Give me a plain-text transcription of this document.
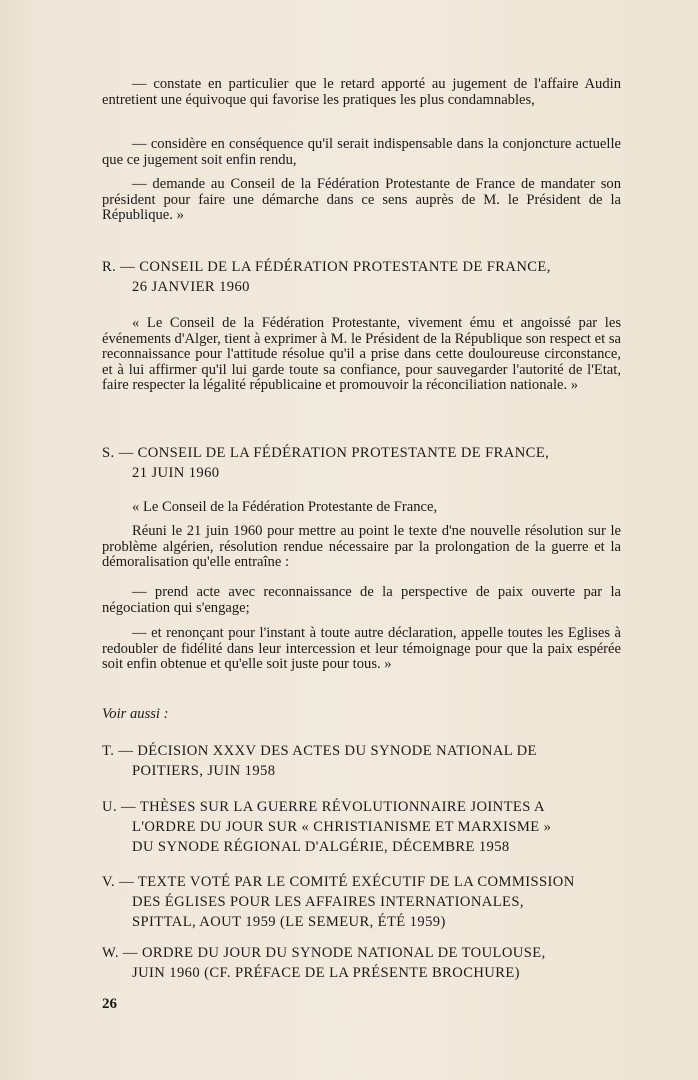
— constate en particulier que le retard apporté au jugement de l'affaire Audin entretient une équivoque qui favorise les pratiques les plus condamnables,

— considère en conséquence qu'il serait indispensable dans la conjoncture actuelle que ce jugement soit enfin rendu,

— demande au Conseil de la Fédération Protestante de France de mandater son président pour faire une démarche dans ce sens auprès de M. le Président de la République. »

R. — CONSEIL DE LA FÉDÉRATION PROTESTANTE DE FRANCE,
26 JANVIER 1960

« Le Conseil de la Fédération Protestante, vivement ému et angoissé par les événements d'Alger, tient à exprimer à M. le Président de la République son respect et sa reconnaissance pour l'attitude résolue qu'il a prise dans cette douloureuse circonstance, et à lui affirmer qu'il lui garde toute sa confiance, pour sauvegarder l'autorité de l'Etat, faire respecter la légalité républicaine et promouvoir la réconciliation nationale. »

S. — CONSEIL DE LA FÉDÉRATION PROTESTANTE DE FRANCE,
21 JUIN 1960

« Le Conseil de la Fédération Protestante de France,

Réuni le 21 juin 1960 pour mettre au point le texte d'ne nouvelle résolution sur le problème algérien, résolution rendue nécessaire par la prolongation de la guerre et la démoralisation qu'elle entraîne :

— prend acte avec reconnaissance de la perspective de paix ouverte par la négociation qui s'engage;

— et renonçant pour l'instant à toute autre déclaration, appelle toutes les Eglises à redoubler de fidélité dans leur intercession et leur témoignage pour que la paix espérée soit enfin obtenue et qu'elle soit juste pour tous. »

Voir aussi :
T. — DÉCISION XXXV DES ACTES DU SYNODE NATIONAL DE
POITIERS, JUIN 1958
U. — THÈSES SUR LA GUERRE RÉVOLUTIONNAIRE JOINTES A
L'ORDRE DU JOUR SUR « CHRISTIANISME ET MARXISME »
DU SYNODE RÉGIONAL D'ALGÉRIE, DÉCEMBRE 1958
V. — TEXTE VOTÉ PAR LE COMITÉ EXÉCUTIF DE LA COMMISSION
DES ÉGLISES POUR LES AFFAIRES INTERNATIONALES,
SPITTAL, AOUT 1959 (LE SEMEUR, ÉTÉ 1959)
W. — ORDRE DU JOUR DU SYNODE NATIONAL DE TOULOUSE,
JUIN 1960 (CF. PRÉFACE DE LA PRÉSENTE BROCHURE)
26
